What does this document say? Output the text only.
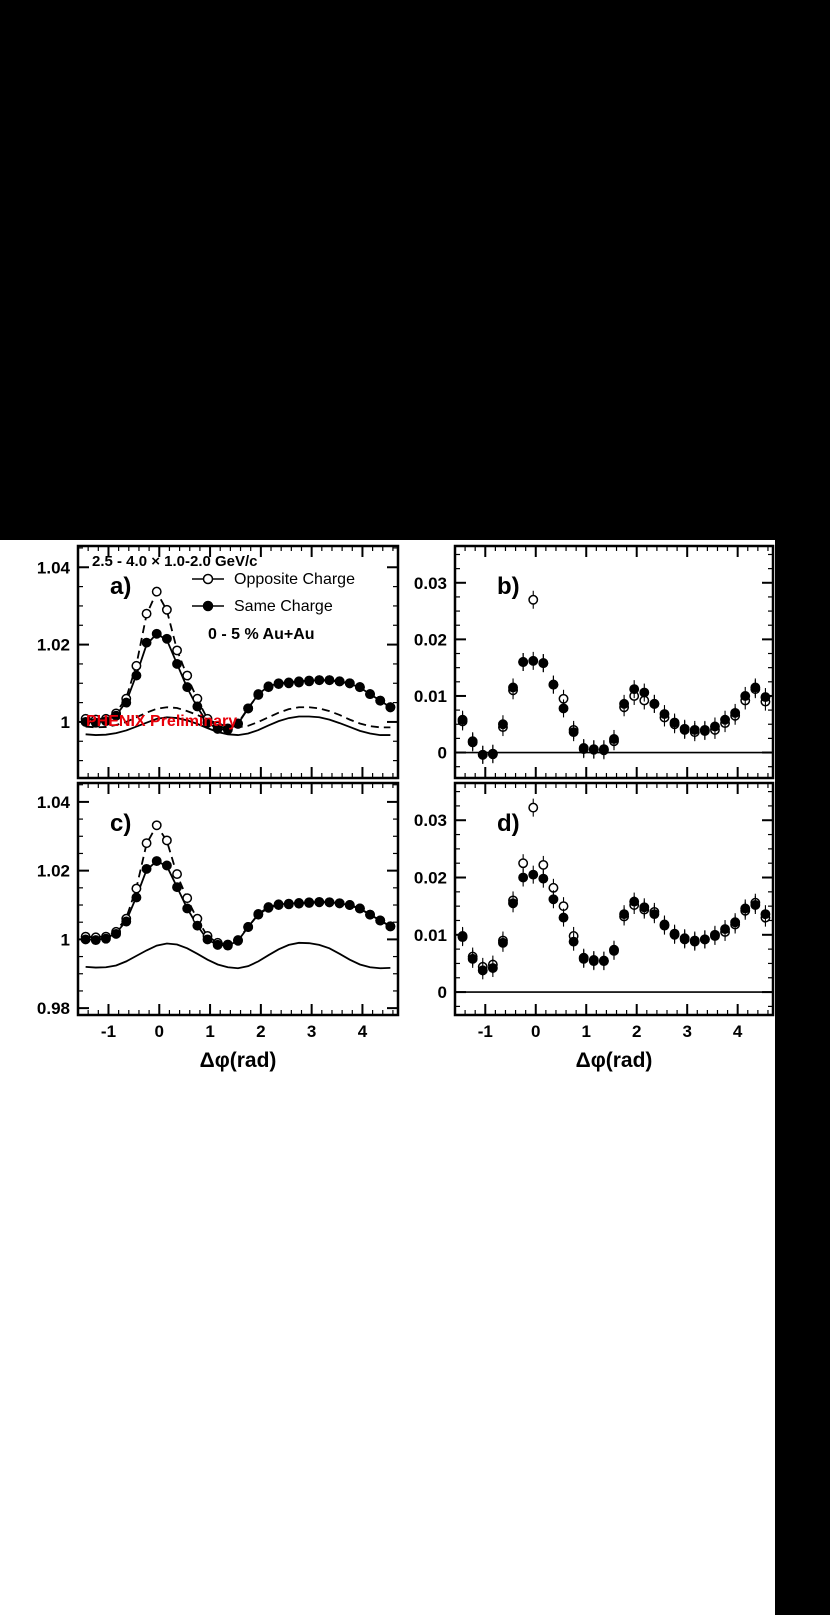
1
1.02
1.04
a)
0
0.01
0.02
0.03 b)
-1 0 1 2 3 4
0.98
1
1.02
1.04
c)
-1 0 1 2 3 4
0
0.01
0.02
0.03 d)
2.5 - 4.0 × 1.0-2.0 GeV/c
0 - 5 % Au+Au
PHENIX Preliminary
Opposite Charge
Same Charge
Δφ(rad)	Δφ(rad)
